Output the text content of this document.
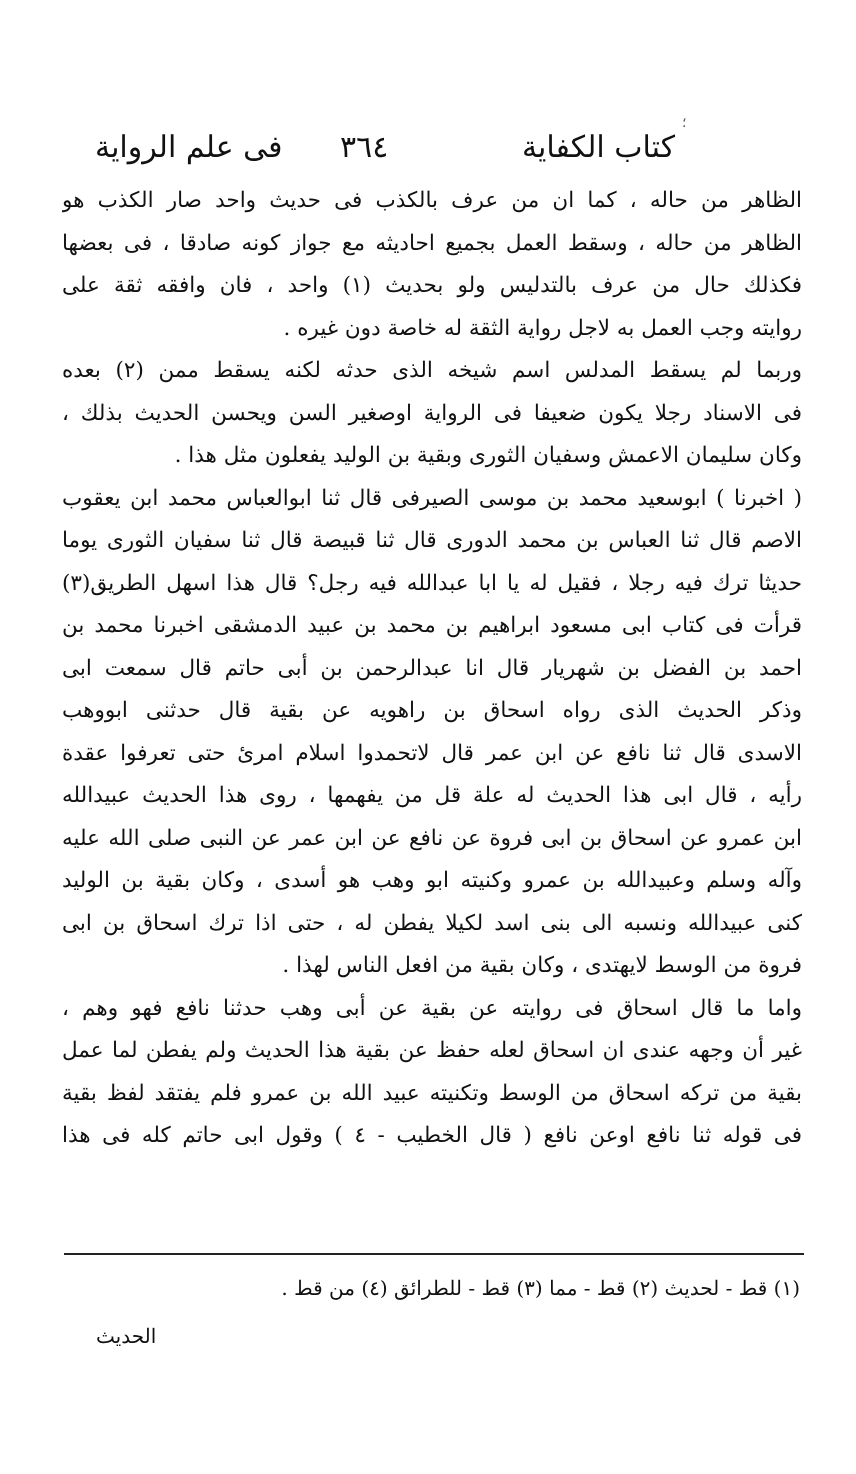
؛
كتاب الكفاية
٣٦٤
فى علم الرواية
الظاهر من حاله ، كما ان من عرف بالكذب فى حديث واحد صار الكذب هو
الظاهر من حاله ، وسقط العمل بجميع احاديثه مع جواز كونه صادقا ، فى بعضها
فكذلك حال من عرف بالتدليس ولو بحديث (١) واحد ، فان وافقه ثقة على
روايته وجب العمل به لاجل رواية الثقة له خاصة دون غيره .
وربما لم يسقط المدلس اسم شيخه الذى حدثه لكنه يسقط ممن (٢) بعده
فى الاسناد رجلا يكون ضعيفا فى الرواية اوصغير السن ويحسن الحديث بذلك ،
وكان سليمان الاعمش وسفيان الثورى وبقية بن الوليد يفعلون مثل هذا .
( اخبرنا ) ابوسعيد محمد بن موسى الصيرفى قال ثنا ابوالعباس محمد ابن يعقوب
الاصم قال ثنا العباس بن محمد الدورى قال ثنا قبيصة قال ثنا سفيان الثورى يوما
حديثا ترك فيه رجلا ، فقيل له يا ابا عبدالله فيه رجل؟ قال هذا اسهل الطريق(٣)
قرأت فى كتاب ابى مسعود ابراهيم بن محمد بن عبيد الدمشقى اخبرنا محمد بن
احمد بن الفضل بن شهريار قال انا عبدالرحمن بن أبى حاتم قال سمعت ابى
وذكر الحديث الذى رواه اسحاق بن راهويه عن بقية قال حدثنى ابووهب
الاسدى قال ثنا نافع عن ابن عمر قال لاتحمدوا اسلام امرئ حتى تعرفوا عقدة
رأيه ، قال ابى هذا الحديث له علة قل من يفهمها ، روى هذا الحديث عبيدالله
ابن عمرو عن اسحاق بن ابى فروة عن نافع عن ابن عمر عن النبى صلى الله عليه
وآله وسلم وعبيدالله بن عمرو وكنيته ابو وهب هو أسدى ، وكان بقية بن الوليد
كنى عبيدالله ونسبه الى بنى اسد لكيلا يفطن له ، حتى اذا ترك اسحاق بن ابى
فروة من الوسط لايهتدى ، وكان بقية من افعل الناس لهذا .
واما ما قال اسحاق فى روايته عن بقية عن أبى وهب حدثنا نافع فهو وهم ،
غير أن وجهه عندى ان اسحاق لعله حفظ عن بقية هذا الحديث ولم يفطن لما عمل
بقية من تركه اسحاق من الوسط وتكنيته عبيد الله بن عمرو فلم يفتقد لفظ بقية
فى قوله ثنا نافع اوعن نافع ( قال الخطيب - ٤ ) وقول ابى حاتم كله فى هذا
(١) قط - لحديث (٢) قط - مما (٣) قط - للطرائق (٤) من قط .
الحديث
